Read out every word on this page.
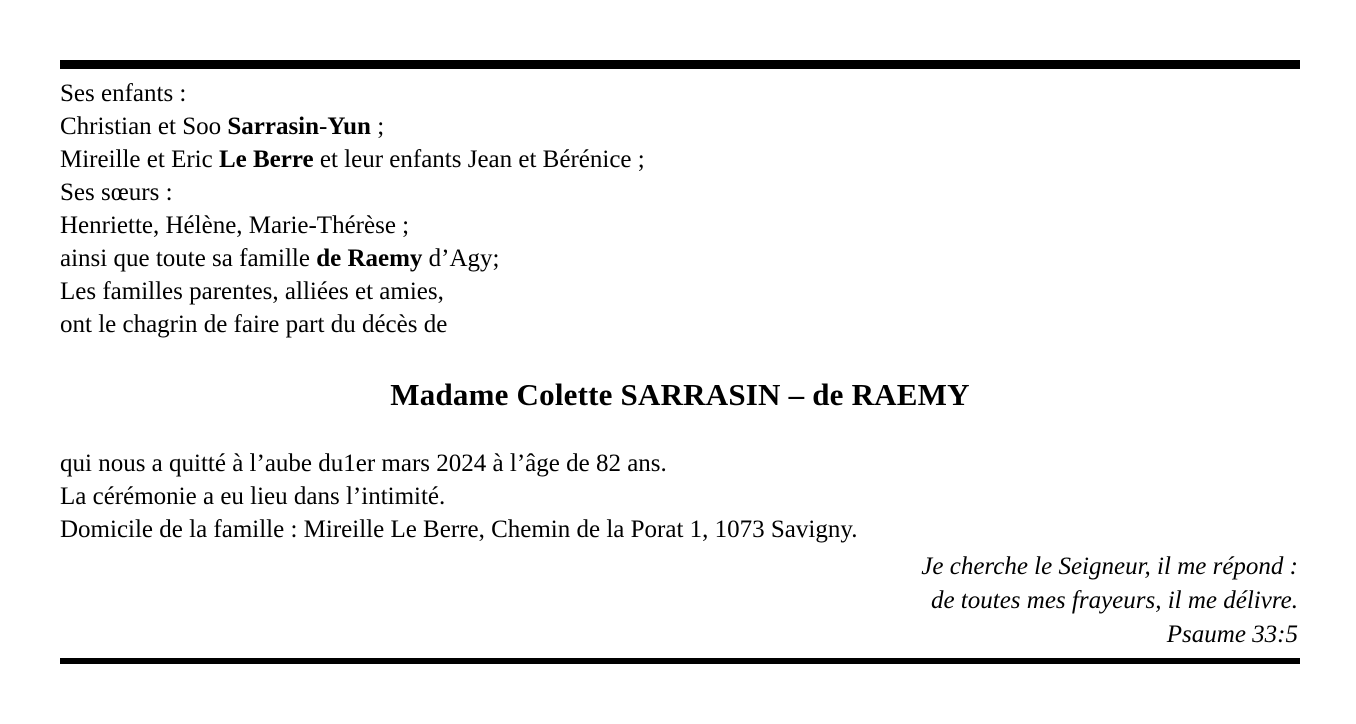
Ses enfants :
Christian et Soo Sarrasin-Yun ;
Mireille et Eric Le Berre et leur enfants Jean et Bérénice ;
Ses sœurs :
Henriette, Hélène, Marie-Thérèse ;
ainsi que toute sa famille de Raemy d’Agy;
Les familles parentes, alliées et amies,
ont le chagrin de faire part du décès de
Madame Colette SARRASIN – de RAEMY
qui nous a quitté à l’aube du1er mars 2024 à l’âge de 82 ans.
La cérémonie a eu lieu dans l’intimité.
Domicile de la famille : Mireille Le Berre, Chemin de la Porat 1, 1073 Savigny.
Je cherche le Seigneur, il me répond :
de toutes mes frayeurs, il me délivre.
Psaume 33:5
